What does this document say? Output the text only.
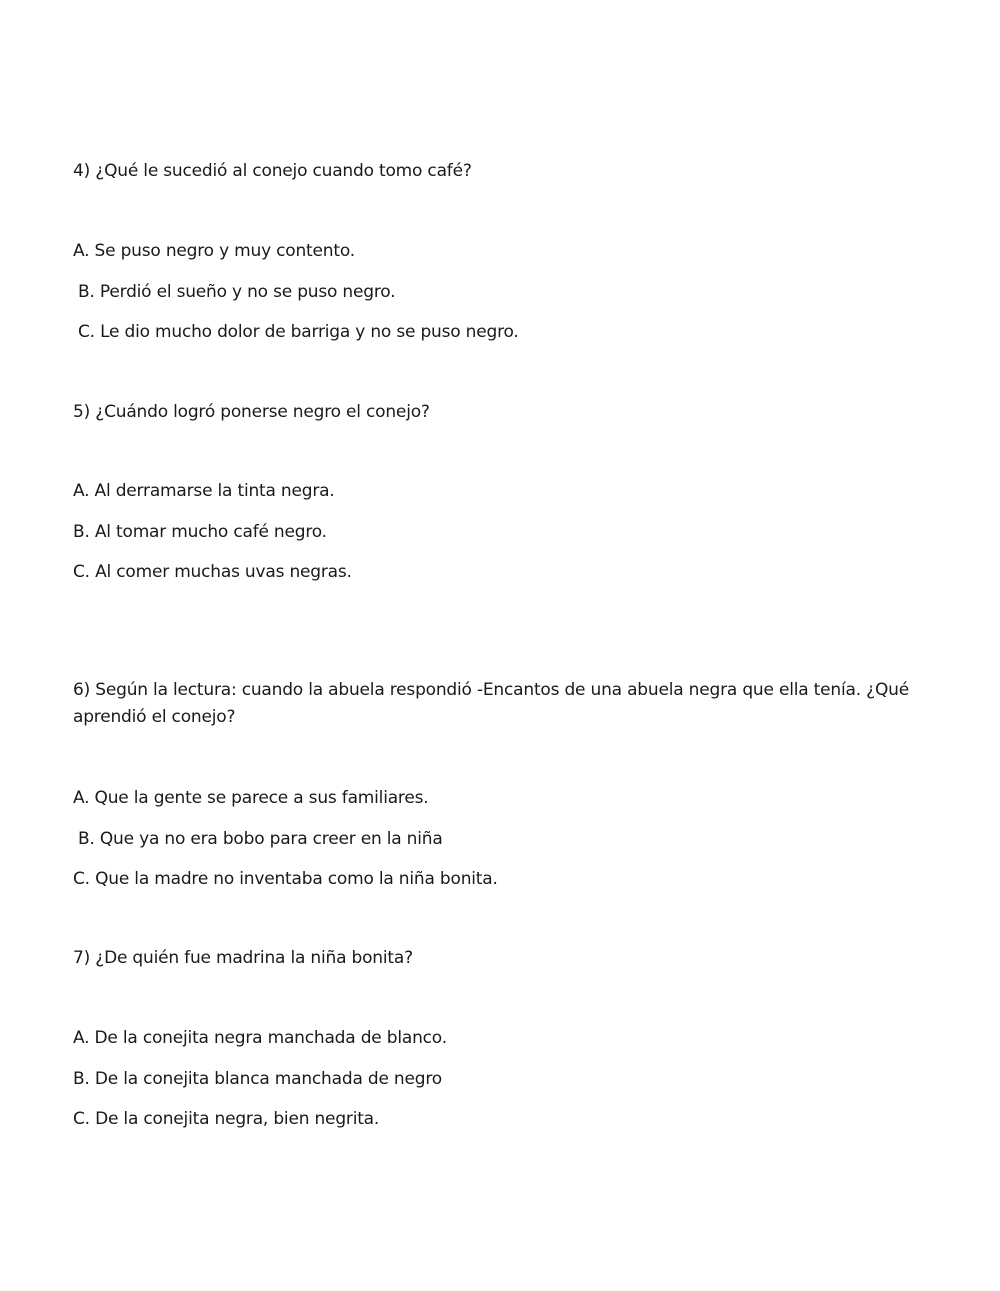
4) ¿Qué le sucedió al conejo cuando tomo café?
A. Se puso negro y muy contento.
B. Perdió el sueño y no se puso negro.
C. Le dio mucho dolor de barriga y no se puso negro.
5) ¿Cuándo logró ponerse negro el conejo?
A. Al derramarse la tinta negra.
B. Al tomar mucho café negro.
C. Al comer muchas uvas negras.
6) Según la lectura: cuando la abuela respondió -Encantos de una abuela negra que ella tenía. ¿Qué aprendió el conejo?
A. Que la gente se parece a sus familiares.
B. Que ya no era bobo para creer en la niña
C. Que la madre no inventaba como la niña bonita.
7) ¿De quién fue madrina la niña bonita?
A. De la conejita negra manchada de blanco.
B. De la conejita blanca manchada de negro
C. De la conejita negra, bien negrita.
